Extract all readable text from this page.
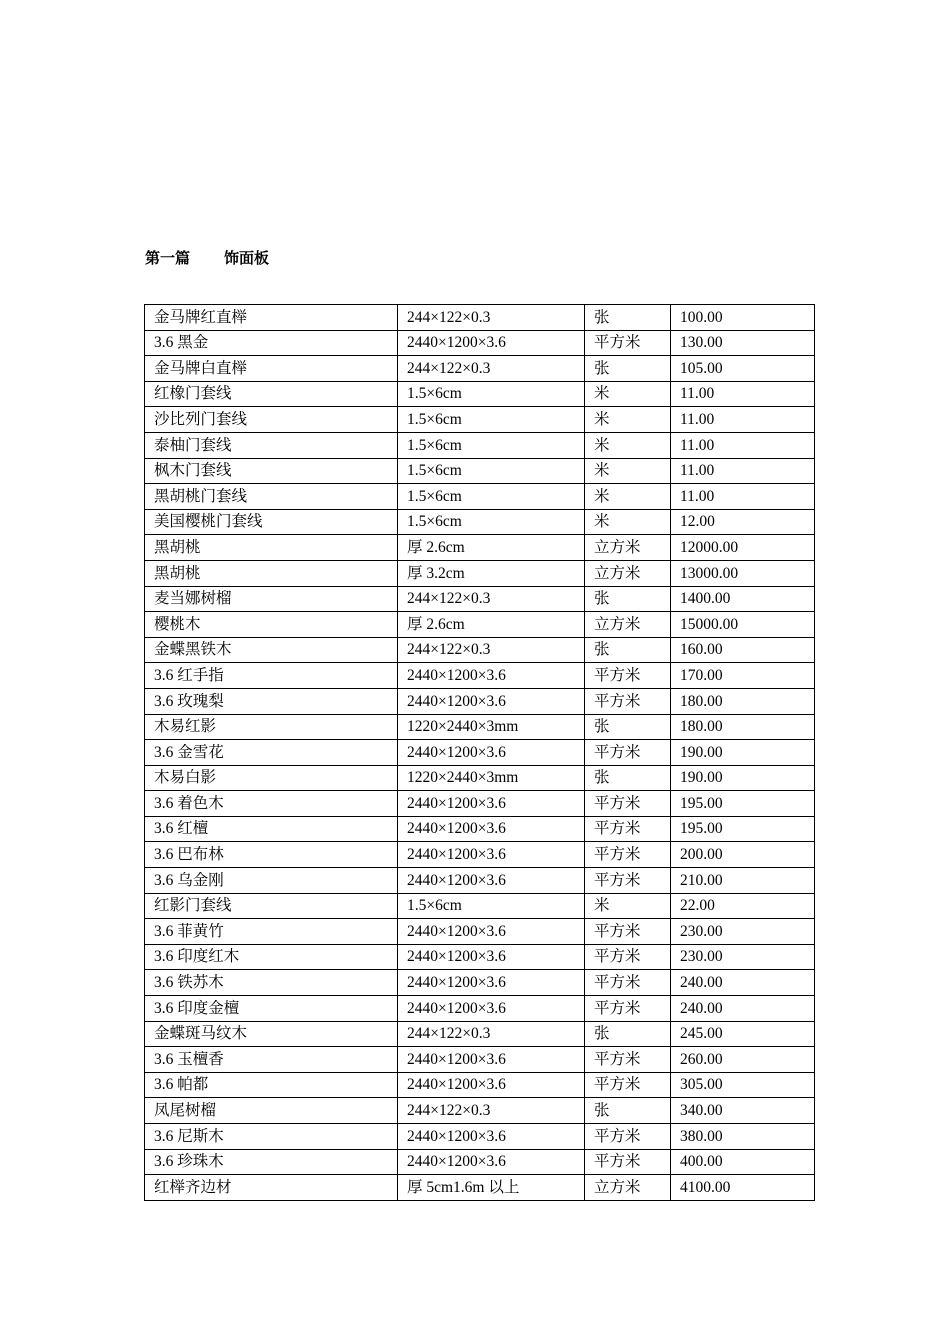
第一篇 饰面板
金马牌红直榉	244×122×0.3	张	100.00
3.6 黑金	2440×1200×3.6	平方米	130.00
金马牌白直榉	244×122×0.3	张	105.00
红橡门套线	1.5×6cm	米	11.00
沙比列门套线	1.5×6cm	米	11.00
泰柚门套线	1.5×6cm	米	11.00
枫木门套线	1.5×6cm	米	11.00
黑胡桃门套线	1.5×6cm	米	11.00
美国樱桃门套线	1.5×6cm	米	12.00
黑胡桃	厚 2.6cm	立方米	12000.00
黑胡桃	厚 3.2cm	立方米	13000.00
麦当娜树榴	244×122×0.3	张	1400.00
樱桃木	厚 2.6cm	立方米	15000.00
金蝶黑铁木	244×122×0.3	张	160.00
3.6 红手指	2440×1200×3.6	平方米	170.00
3.6 玫瑰梨	2440×1200×3.6	平方米	180.00
木易红影	1220×2440×3mm	张	180.00
3.6 金雪花	2440×1200×3.6	平方米	190.00
木易白影	1220×2440×3mm	张	190.00
3.6 着色木	2440×1200×3.6	平方米	195.00
3.6 红檀	2440×1200×3.6	平方米	195.00
3.6 巴布林	2440×1200×3.6	平方米	200.00
3.6 乌金刚	2440×1200×3.6	平方米	210.00
红影门套线	1.5×6cm	米	22.00
3.6 菲黄竹	2440×1200×3.6	平方米	230.00
3.6 印度红木	2440×1200×3.6	平方米	230.00
3.6 铁苏木	2440×1200×3.6	平方米	240.00
3.6 印度金檀	2440×1200×3.6	平方米	240.00
金蝶斑马纹木	244×122×0.3	张	245.00
3.6 玉檀香	2440×1200×3.6	平方米	260.00
3.6 帕都	2440×1200×3.6	平方米	305.00
凤尾树榴	244×122×0.3	张	340.00
3.6 尼斯木	2440×1200×3.6	平方米	380.00
3.6 珍珠木	2440×1200×3.6	平方米	400.00
红榉齐边材	厚 5cm1.6m 以上	立方米	4100.00
